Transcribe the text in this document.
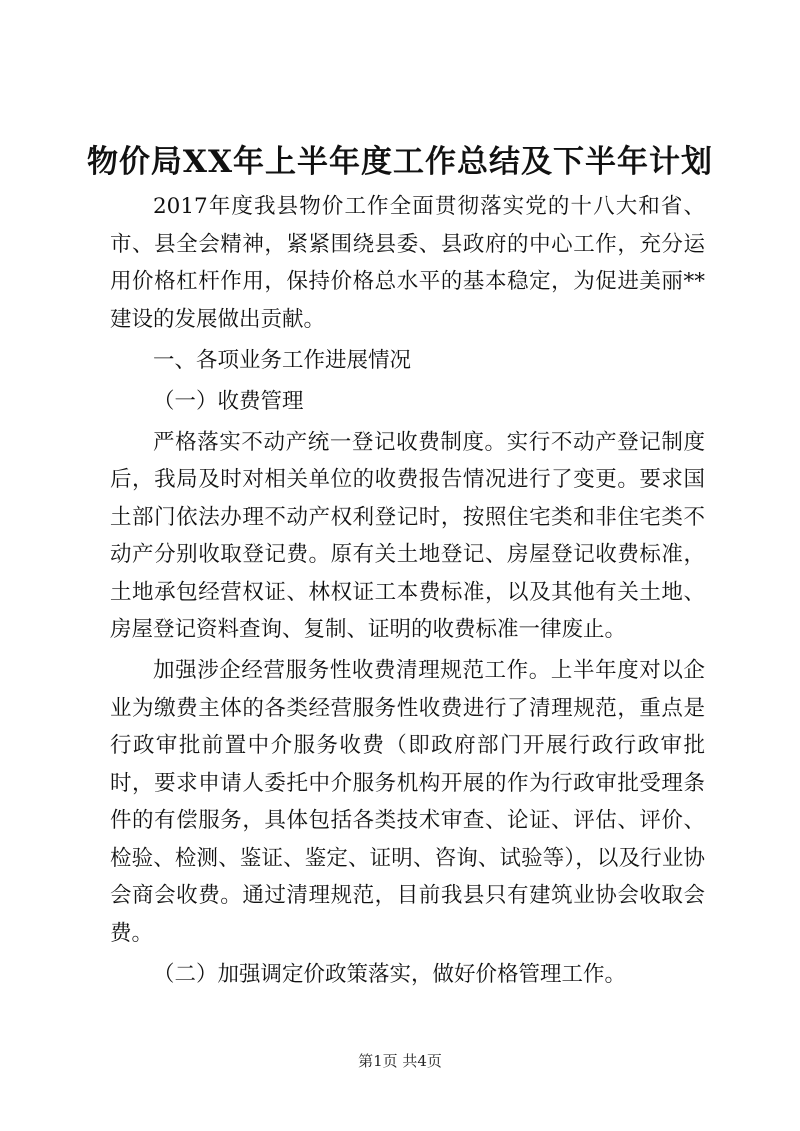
物价局XX年上半年度工作总结及下半年计划

2017年度我县物价工作全面贯彻落实党的十八大和省、市、县全会精神，紧紧围绕县委、县政府的中心工作，充分运用价格杠杆作用，保持价格总水平的基本稳定，为促进美丽**建设的发展做出贡献。

一、各项业务工作进展情况

（一）收费管理

严格落实不动产统一登记收费制度。实行不动产登记制度后，我局及时对相关单位的收费报告情况进行了变更。要求国土部门依法办理不动产权利登记时，按照住宅类和非住宅类不动产分别收取登记费。原有关土地登记、房屋登记收费标准，土地承包经营权证、林权证工本费标准，以及其他有关土地、房屋登记资料查询、复制、证明的收费标准一律废止。

加强涉企经营服务性收费清理规范工作。上半年度对以企业为缴费主体的各类经营服务性收费进行了清理规范，重点是行政审批前置中介服务收费（即政府部门开展行政行政审批时，要求申请人委托中介服务机构开展的作为行政审批受理条件的有偿服务，具体包括各类技术审查、论证、评估、评价、检验、检测、鉴证、鉴定、证明、咨询、试验等），以及行业协会商会收费。通过清理规范，目前我县只有建筑业协会收取会费。

（二）加强调定价政策落实，做好价格管理工作。

第1页 共4页
